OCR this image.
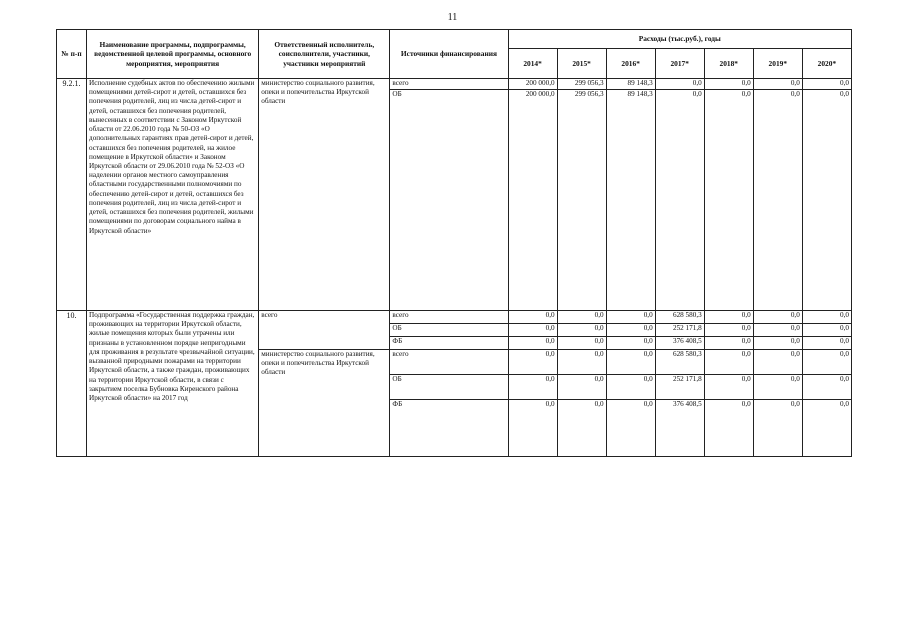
11
№ п-п	Наименование программы, подпрограммы, ведомственной целевой программы, основного мероприятия, мероприятия	Ответственный исполнитель, соисполнители, участники, участники мероприятий	Источники финансирования	Расходы (тыс.руб.), годы						
				2014*	2015*	2016*	2017*	2018*	2019*	2020*
9.2.1.	Исполнение судебных актов по обеспечению жилыми помещениями детей-сирот и детей, оставшихся без попечения родителей, лиц из числа детей-сирот и детей, оставшихся без попечения родителей, вынесенных в соответствии с Законом Иркутской области от 22.06.2010 года № 50-ОЗ «О дополнительных гарантиях прав детей-сирот и детей, оставшихся без попечения родителей, на жилое помещение в Иркутской области» и Законом Иркутской области от 29.06.2010 года № 52-ОЗ «О наделении органов местного самоуправления областными государственными полномочиями по обеспечению детей-сирот и детей, оставшихся без попечения родителей, лиц из числа детей-сирот и детей, оставшихся без попечения родителей, жилыми помещениями по договорам социального найма в Иркутской области»	министерство социального развития, опеки и попечительства Иркутской области	всего	200 000,0	299 056,3	89 148,3	0,0	0,0	0,0	0,0
			ОБ	200 000,0	299 056,3	89 148,3	0,0	0,0	0,0	0,0
10.	Подпрограмма «Государственная поддержка граждан, проживающих на территории Иркутской области, жилые помещения которых были утрачены или признаны в установленном порядке непригодными для проживания в результате чрезвычайной ситуации, вызванной природными пожарами на территории Иркутской области, а также граждан, проживающих на территории Иркутской области, в связи с закрытием поселка Бубновка Киренского района Иркутской области» на 2017 год	всего	всего	0,0	0,0	0,0	628 580,3	0,0	0,0	0,0
			ОБ	0,0	0,0	0,0	252 171,8	0,0	0,0	0,0
			ФБ	0,0	0,0	0,0	376 408,5	0,0	0,0	0,0
		министерство социального развития, опеки и попечительства Иркутской области	всего	0,0	0,0	0,0	628 580,3	0,0	0,0	0,0
			ОБ	0,0	0,0	0,0	252 171,8	0,0	0,0	0,0
			ФБ	0,0	0,0	0,0	376 408,5	0,0	0,0	0,0
